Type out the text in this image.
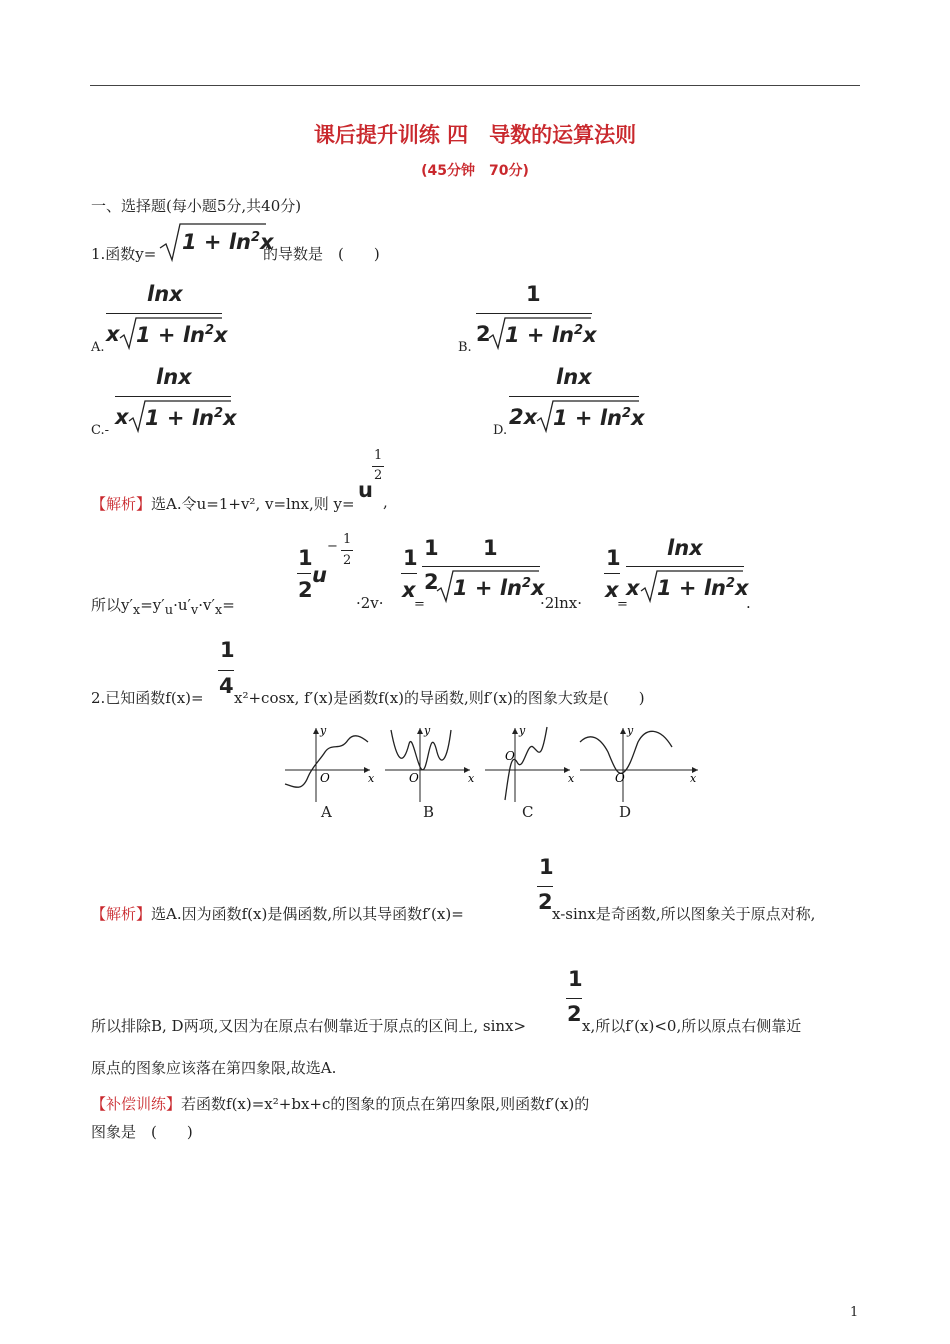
课后提升训练 四　导数的运算法则
(45分钟　70分)
一、选择题(每小题5分,共40分)
1.函数$y= 1 + \ln^2x$
的导数是　(　　)
A.
lnx
x $1 + \ln^2x$
B.
1
2 $1 + \ln^2x$
C.-
lnx
x $1 + \ln^2x$
D.
lnx
2x $1 + \ln^2x$
【解析】选A.令u=1+v², v=lnx,则 y=
u
1
2
,
所以$y'_x=y'_u\cdot u'_v\cdot v'_x=$
1
2
u
− 1
2
·2v·
1
x
=
1
2
1
$1 + \ln^2x$
·2lnx·
1
x
=
lnx
x $1 + \ln^2x$
.
2.已知函数f(x)=
1
4 x²+cosx, f′(x)是函数f(x)的导函数,则f′(x)的图象大致是(　　)
y
x
O
y
x
O
y
x
O
y
x
O
A	B	C	D
【解析】选A.因为函数f(x)是偶函数,所以其导函数f′(x)=
1
2 x-sinx是奇函数,所以图象关于原点对称,
所以排除B, D两项,又因为在原点右侧靠近于原点的区间上, sinx>
1
2 x,所以f′(x)<0,所以原点右侧靠近
原点的图象应该落在第四象限,故选A.
【补偿训练】若函数f(x)=x²+bx+c的图象的顶点在第四象限,则函数f′(x)的
图象是　(　　)
1
